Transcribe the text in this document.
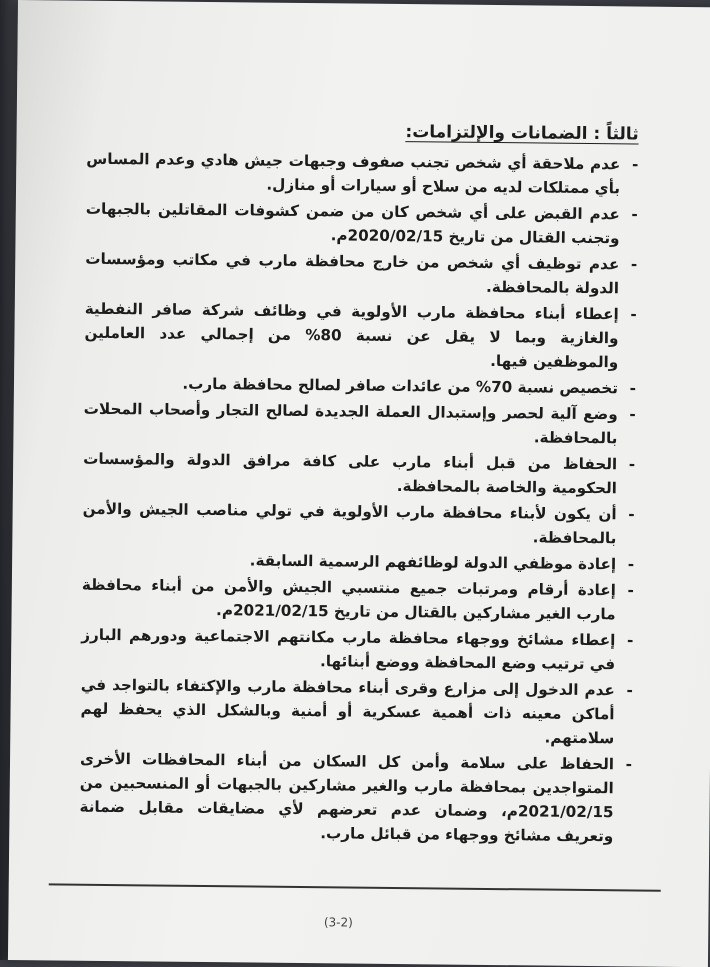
ثالثاً : الضمانات والإلتزامات:
-
عدم ملاحقة أي شخص تجنب صفوف وجبهات جيش هادي وعدم المساس بأي ممتلكات لديه من سلاح أو سيارات أو منازل.
-
عدم القبض على أي شخص كان من ضمن كشوفات المقاتلين بالجبهات وتجنب القتال من تاريخ 2020/02/15م.
-
عدم توظيف أي شخص من خارج محافظة مارب في مكاتب ومؤسسات الدولة بالمحافظة.
-
إعطاء أبناء محافظة مارب الأولوية في وظائف شركة صافر النفطية والغازية وبما لا يقل عن نسبة 80% من إجمالي عدد العاملين والموظفين فيها.
-
تخصيص نسبة 70% من عائدات صافر لصالح محافظة مارب.
-
وضع آلية لحصر وإستبدال العملة الجديدة لصالح التجار وأصحاب المحلات بالمحافظة.
-
الحفاظ من قبل أبناء مارب على كافة مرافق الدولة والمؤسسات الحكومية والخاصة بالمحافظة.
-
أن يكون لأبناء محافظة مارب الأولوية في تولي مناصب الجيش والأمن بالمحافظة.
-
إعادة موظفي الدولة لوظائفهم الرسمية السابقة.
-
إعادة أرقام ومرتبات جميع منتسبي الجيش والأمن من أبناء محافظة مارب الغير مشاركين بالقتال من تاريخ 2021/02/15م.
-
إعطاء مشائخ ووجهاء محافظة مارب مكانتهم الاجتماعية ودورهم البارز في ترتيب وضع المحافظة ووضع أبنائها.
-
عدم الدخول إلى مزارع وقرى أبناء محافظة مارب والإكتفاء بالتواجد في أماكن معينه ذات أهمية عسكرية أو أمنية وبالشكل الذي يحفظ لهم سلامتهم.
-
الحفاظ على سلامة وأمن كل السكان من أبناء المحافظات الأخرى المتواجدين بمحافظة مارب والغير مشاركين بالجبهات أو المنسحبين من 2021/02/15م، وضمان عدم تعرضهم لأي مضايقات مقابل ضمانة وتعريف مشائخ ووجهاء من قبائل مارب.
(3-2)
